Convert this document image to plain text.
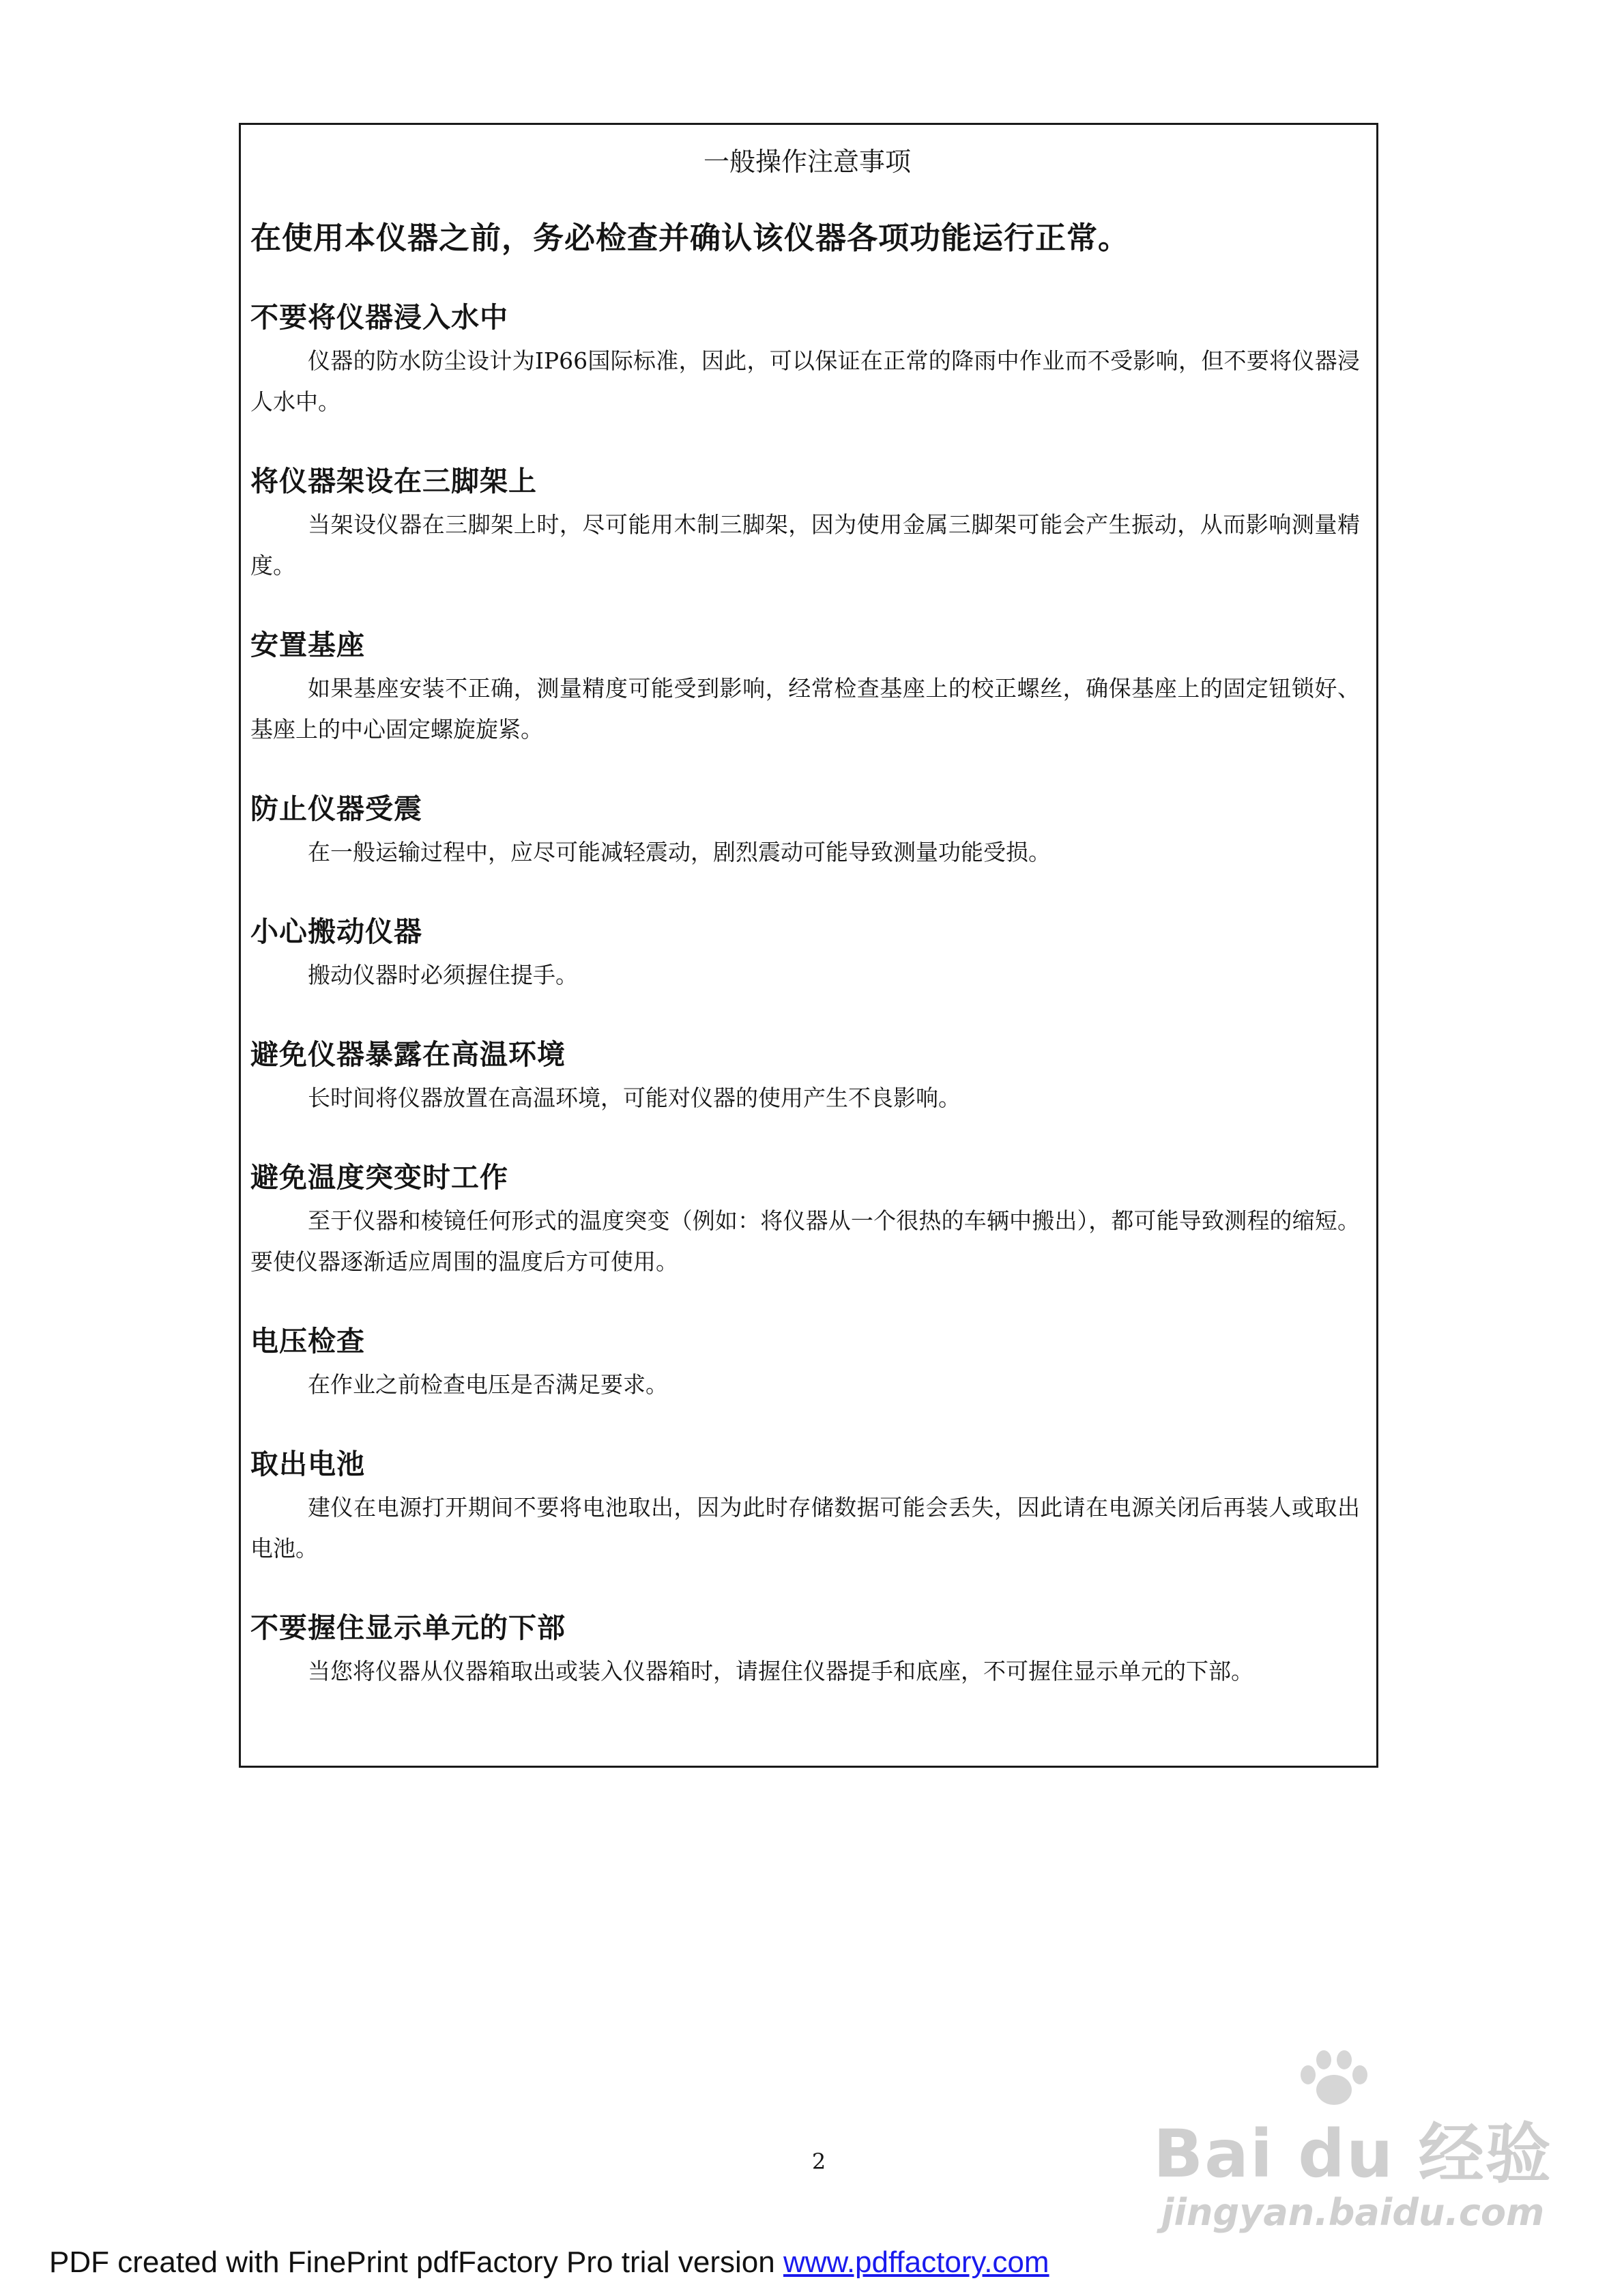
一般操作注意事项
在使用本仪器之前，务必检查并确认该仪器各项功能运行正常。
不要将仪器浸入水中
仪器的防水防尘设计为IP66国际标准，因此，可以保证在正常的降雨中作业而不受影响，但不要将仪器浸人水中。
将仪器架设在三脚架上
当架设仪器在三脚架上时，尽可能用木制三脚架，因为使用金属三脚架可能会产生振动，从而影响测量精度。
安置基座
如果基座安装不正确，测量精度可能受到影响，经常检查基座上的校正螺丝，确保基座上的固定钮锁好、基座上的中心固定螺旋旋紧。
防止仪器受震
在一般运输过程中，应尽可能减轻震动，剧烈震动可能导致测量功能受损。
小心搬动仪器
搬动仪器时必须握住提手。
避免仪器暴露在高温环境
长时间将仪器放置在高温环境，可能对仪器的使用产生不良影响。
避免温度突变时工作
至于仪器和棱镜任何形式的温度突变（例如：将仪器从一个很热的车辆中搬出），都可能导致测程的缩短。要使仪器逐渐适应周围的温度后方可使用。
电压检查
在作业之前检查电压是否满足要求。
取出电池
建仪在电源打开期间不要将电池取出，因为此时存储数据可能会丢失，因此请在电源关闭后再装人或取出电池。
不要握住显示单元的下部
当您将仪器从仪器箱取出或装入仪器箱时，请握住仪器提手和底座，不可握住显示单元的下部。
2	Bai du 经验
jingyan.baidu.com
PDF created with FinePrint pdfFactory Pro trial version www.pdffactory.com
